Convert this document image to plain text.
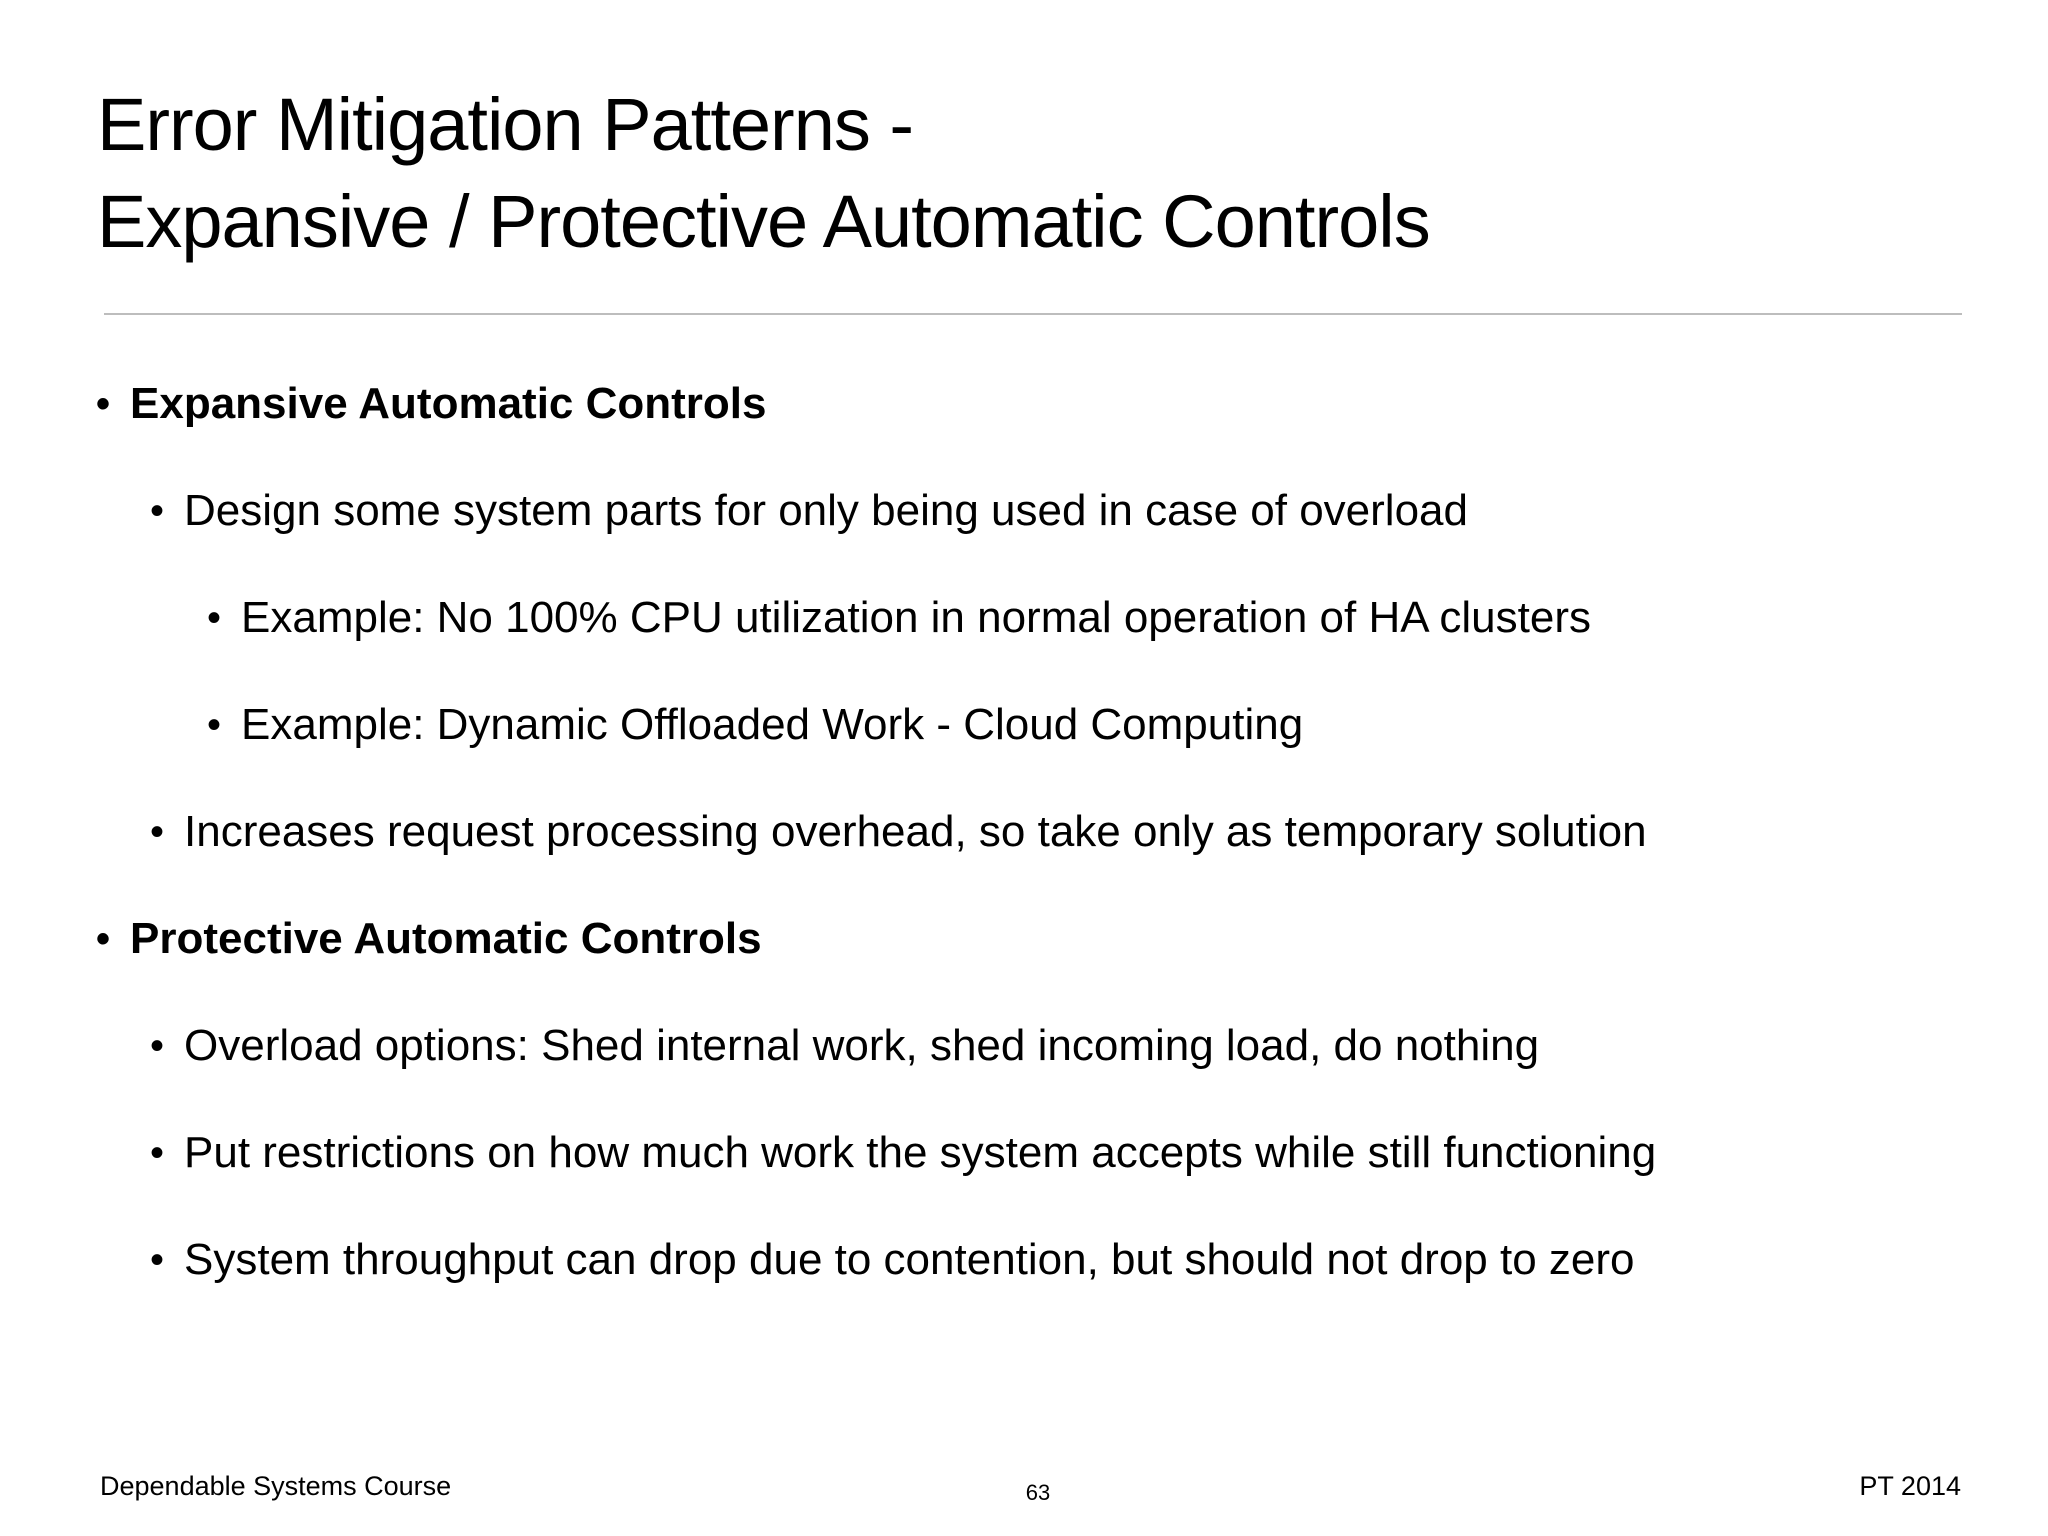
Error Mitigation Patterns -
Expansive / Protective Automatic Controls
• Expansive Automatic Controls
• Design some system parts for only being used in case of overload
• Example: No 100% CPU utilization in normal operation of HA clusters
• Example: Dynamic Offloaded Work - Cloud Computing
• Increases request processing overhead, so take only as temporary solution
• Protective Automatic Controls
• Overload options: Shed internal work, shed incoming load, do nothing
• Put restrictions on how much work the system accepts while still functioning
• System throughput can drop due to contention, but should not drop to zero
Dependable Systems Course	63	PT 2014
